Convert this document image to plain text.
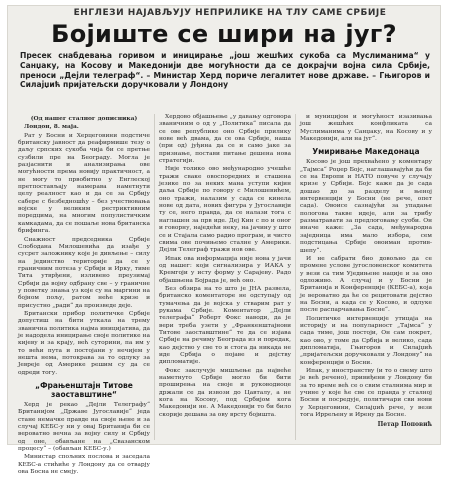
ЕНГЛЕЗИ НАЈАВЉУЈУ НЕПРИЛИКЕ НА ТЛУ САМЕ СРБИЈЕ
Бојиште се шири на југ?
Пресек снабдевања горивом и иницирање „још жешћих сукоба са Муслиманима“ у Санџаку, на Косову и Македонији две могућности да се докрајчи војна сила Србије, преноси „Дејли телеграф“. – Министар Херд пориче легалитет нове државе. – Гњигоров и Силајџић пријатељски доручковали у Лондону
(Од нашег сталног дописника)

Лондон, 8. маја.

Рат у Босни и Херцеговини подстиче британску јавност да реафирмише тезу о даљу српских сукоба чија би се претње сузбили пре на Београду. Могла је разјаснити и анализирања ове могућности према новију практичност, а не могу то првобитно у Енглеској претпостављају намерава наметнути целу реалност као и да се за Србију сабере с безбедношћу – без учествовања војске у великим рестриктивним поредцима, на многим популистичким камкадама, да се пошаље нова британска брифинга.

Снажност председника Србије Слободана Милошевића да изађе у сусрет заложнику које је дивљење – силу на јединство територије да се у граничним потеза у Србији и Ирку, тиме Тита утврђени, изливено преузимај Србији да војну одбрану све – у граничне у поветку знања уз које су на маргини на бојном пољу, ратом неће кризе и присустно „ради“ да произведе деје.

Британски прибор политичке Србије допустиш на бити уткала на трему званична политика најма иницијатива, да је надодела иницирање своје политике на кијеву и за крају, већ суторини, па им у то већи пута и постојани у нечијем у нешта нема, потокрава за то одлуку за Јевреје од Америке решим су да се одреди тогу.

„Фрањенштајн Титове заоставштине“

Херд је рекао „Дејли Телеграфу“ Британијом „Државе Југославије“ једа стане немачке правде на своје њене и за случај КЕБС-у ни у овај Британија би се вероватно вечна за војну силу и Србију од оне, обављане на „Свазанском процесу“ – (обављан КЕБС-у.)

Министар спољних послова и заседала КЕБС-а стићиће у Лондону да се отварју ова Босна не смеју.

Хердово објашњење „у давању одговора званичним о од у „Политика“ писала да се ове републике оно Србије прилику нове већ двама, да се ова Србије, наша (при од) јуђина да се и само јаке за признање, постави питање дешена нова стратегији.

Није толико ово међународно учешће тражи сваке овоспоредних и сташена језике по за неких мана уступи кијин даља Србије по говору с Милошевићем, оно тражи, налазим у сада се кинела нове од дата, нових фигура у Југославији ту се, него правда, да се налази тога с наглашен за прв иде. Деј Кин с по и оног и говорну, наједећи неку, на јачину у што се и Стајала само радио програм, и чисто свима ове почињемо сталне у Америки. Дејли Телеграф тражи нов ове.

Ипак ова информација није нова у јачи од нашег: који сигнализира у ИАКА у Кремгоји у исту форму у Сарајеву. Радо објашњена Бојрада је, већ оно.

Без обзира на то што је ЈНА развела, британско коментаторе не одступају од тумачења да је војска у стварим рат у рукама Србије. Коментатор „Дејли телеграфа“ Роберт Фокс наводи, да је вери треба узети у „Франкенштајнови Титове заоставштине“ те да се изјава Србије на речиму Београда из и поредак, као дејство у све то и стога да никада не иде Србија о појаве и дејству дипломатије.

Фокс заклучује мишљење да највеће наметнуто Србије могло би бити проширења на своје и руководиоце држали се да извози до Цавталу, а не кога на Косову, под Србијом кога Македонији не. А Македонији то би било скорије дешава за ову врсту бојишта.

и муницијом и могућност изазивања још жешћих конфликата са Муслиманима у Санџаку, на Косову и у Македонији, али на југ“.

Умиривање Македонаца

Косово је још прехваћено у коментару „Тајмса“ Роџер Бојс, наглашавајући да би се на Европи и НАТО повуче у случају кризе у Србији. Бојс каже да је сада дошао до за разделу и њеној интервенцији у Босни (не рече, опет сада). Овоисе сазнајући за упадање пологова такве идеје, али за трибу разматравати за предлоговању суоби. Он иначе каже: „За сада, међународна заједница има мало избора, сем подстицања Србије овоиман против-шепу“.

И не сабрати био довољно да се промене услове југословенског комитета у вези са тим Уједињене нације и за ово одложиво. А случај и у Босни је Британија и Конференције (КЕБС-а), која је вероватно да ће се рецитовати дејство на Босни, а када се у Косово, и одлуке после распарчавања Босне“.

Политичке интервенције утицаја на историју и на популарност „Тајмса“ у сада тиме, још постоји, Он сам покрет, као ово, у томе да Србија и велико, сада дипломатија, Гњигоров и Силајџић „пријатељски доручковали у Лондону“ на конференцији о Босни.

Ипак, у иностранству (и то о свему што је већ речено), привиђени у Лондону би за то време већ се о свим сталнима мир и учине у које ће све се правда у сталној Босни и посредује, политичари сви нови у Херцеговини, Силајџић рече, у вези тога Иррељену и Ирену да Босне.

Петар Поповић
